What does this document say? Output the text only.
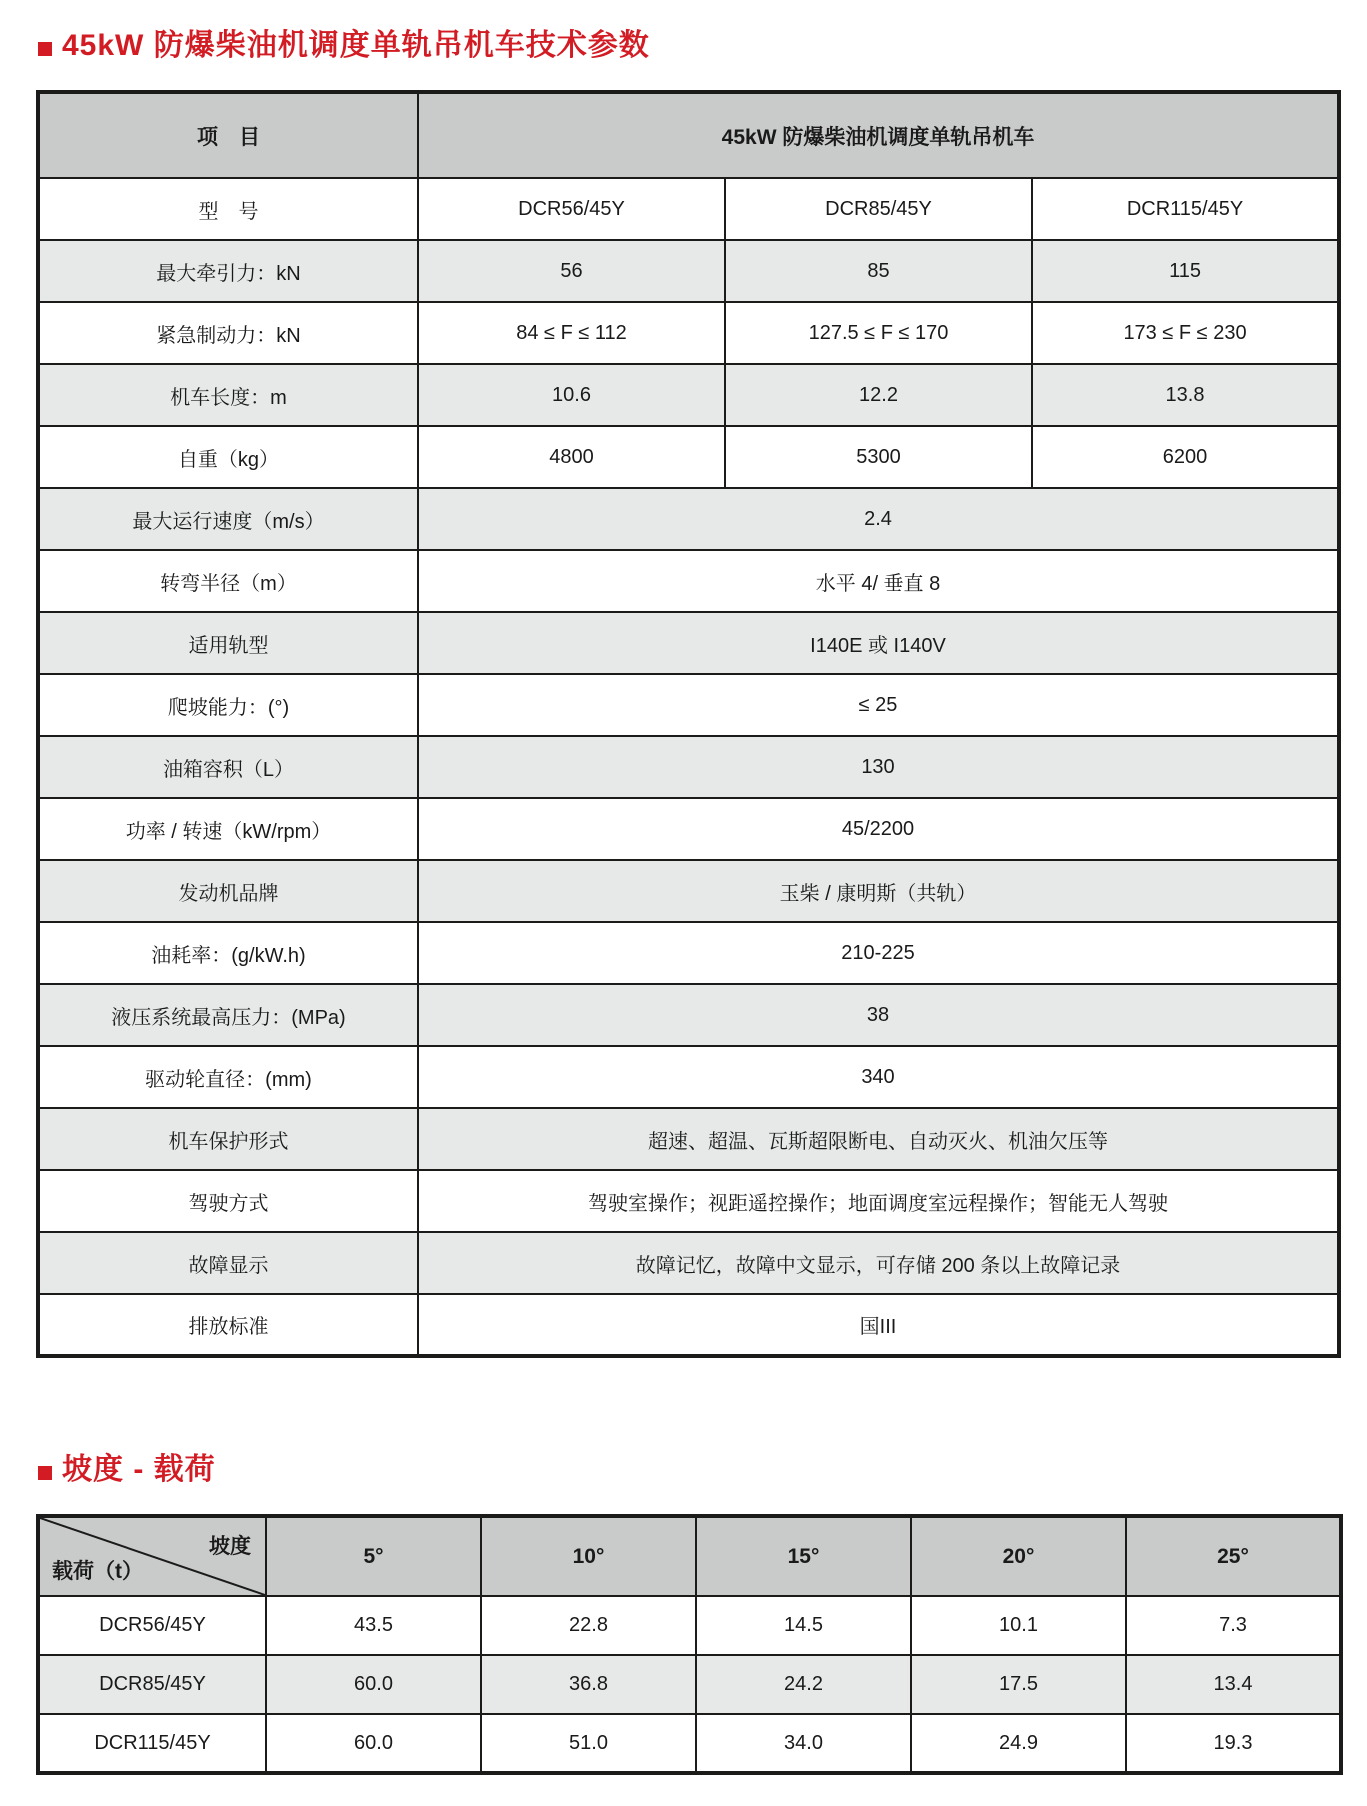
45kW 防爆柴油机调度单轨吊机车技术参数
项　目	45kW 防爆柴油机调度单轨吊机车		
型　号	DCR56/45Y	DCR85/45Y	DCR115/45Y
最大牵引力：kN	56	85	115
紧急制动力：kN	84 ≤ F ≤ 112	127.5 ≤ F ≤ 170	173 ≤ F ≤ 230
机车长度：m	10.6	12.2	13.8
自重（kg）	4800	5300	6200
最大运行速度（m/s）	2.4		
转弯半径（m）	水平 4/ 垂直 8		
适用轨型	I140E 或 I140V		
爬坡能力：(°)	≤ 25		
油箱容积（L）	130		
功率 / 转速（kW/rpm）	45/2200		
发动机品牌	玉柴 / 康明斯（共轨）		
油耗率：(g/kW.h)	210-225		
液压系统最高压力：(MPa)	38		
驱动轮直径：(mm)	340		
机车保护形式	超速、超温、瓦斯超限断电、自动灭火、机油欠压等		
驾驶方式	驾驶室操作；视距遥控操作；地面调度室远程操作；智能无人驾驶		
故障显示	故障记忆，故障中文显示，可存储 200 条以上故障记录		
排放标准	国III		
坡度 - 载荷
坡度
载荷（t）	5°	10°	15°	20°	25°
DCR56/45Y	43.5	22.8	14.5	10.1	7.3
DCR85/45Y	60.0	36.8	24.2	17.5	13.4
DCR115/45Y	60.0	51.0	34.0	24.9	19.3
